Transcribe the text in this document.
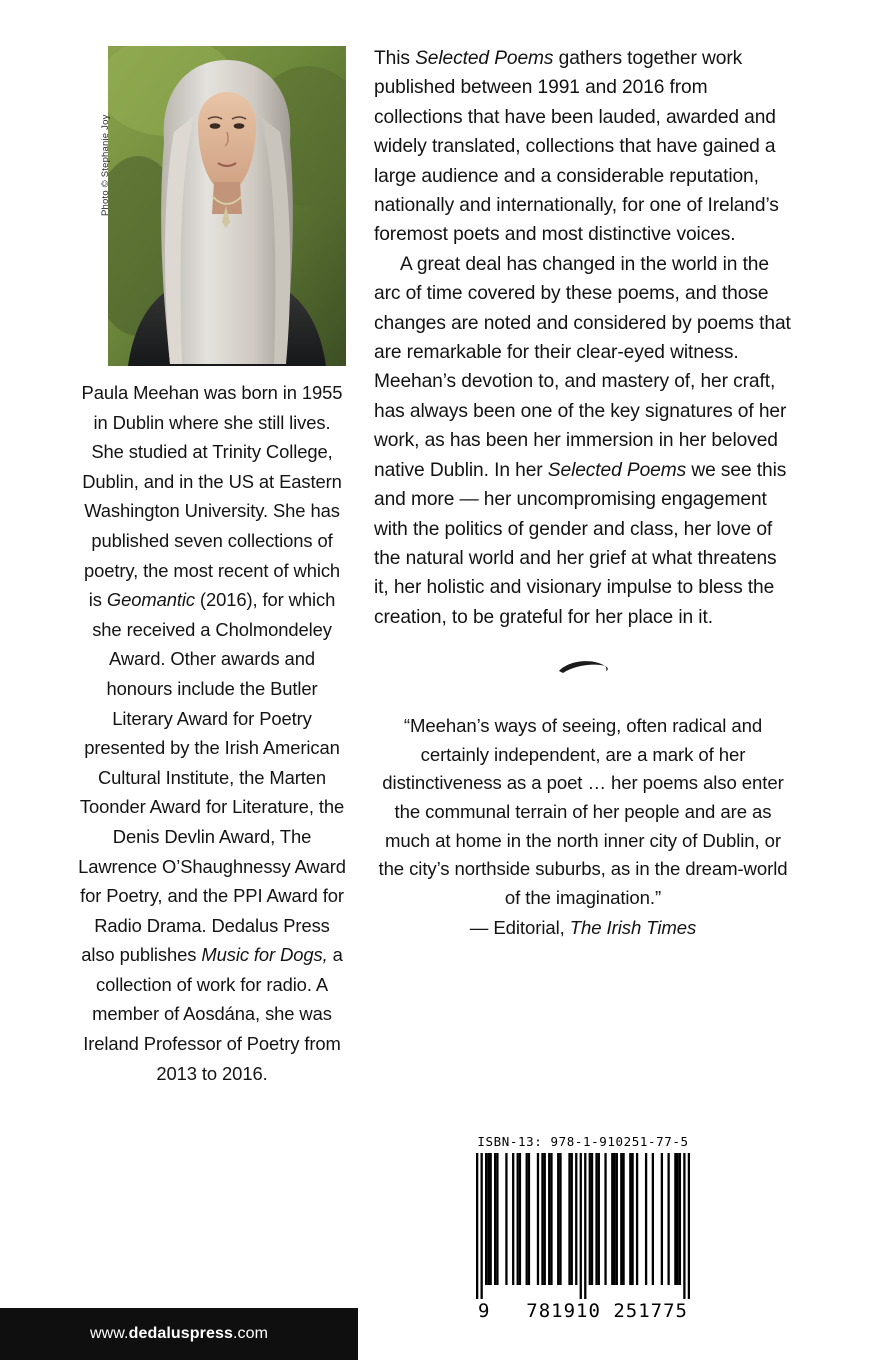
Photo © Stephanie Joy
Paula Meehan was born in 1955 in Dublin where she still lives. She studied at Trinity College, Dublin, and in the US at Eastern Washington University. She has published seven collections of poetry, the most recent of which is Geomantic (2016), for which she received a Cholmondeley Award. Other awards and honours include the Butler Literary Award for Poetry presented by the Irish American Cultural Institute, the Marten Toonder Award for Literature, the Denis Devlin Award, The Lawrence O’Shaughnessy Award for Poetry, and the PPI Award for Radio Drama. Dedalus Press also publishes Music for Dogs, a collection of work for radio. A member of Aosdána, she was Ireland Professor of Poetry from 2013 to 2016.
www. dedaluspress .com

This Selected Poems gathers together work published between 1991 and 2016 from collections that have been lauded, awarded and widely translated, collections that have gained a large audience and a considerable reputation, nationally and internationally, for one of Ireland’s foremost poets and most distinctive voices.

A great deal has changed in the world in the arc of time covered by these poems, and those changes are noted and considered by poems that are remarkable for their clear-eyed witness. Meehan’s devotion to, and mastery of, her craft, has always been one of the key signatures of her work, as has been her immersion in her beloved native Dublin. In her Selected Poems we see this and more — her uncompromising engagement with the politics of gender and class, her love of the natural world and her grief at what threatens it, her holistic and visionary impulse to bless the creation, to be grateful for her place in it.

“Meehan’s ways of seeing, often radical and certainly independent, are a mark of her distinctiveness as a poet … her poems also enter the communal terrain of her people and are as much at home in the north inner city of Dublin, or the city’s northside suburbs, as in the dream-world of the imagination.”
— Editorial, The Irish Times
ISBN-13: 978-1-910251-77-5
9 781910 251775
